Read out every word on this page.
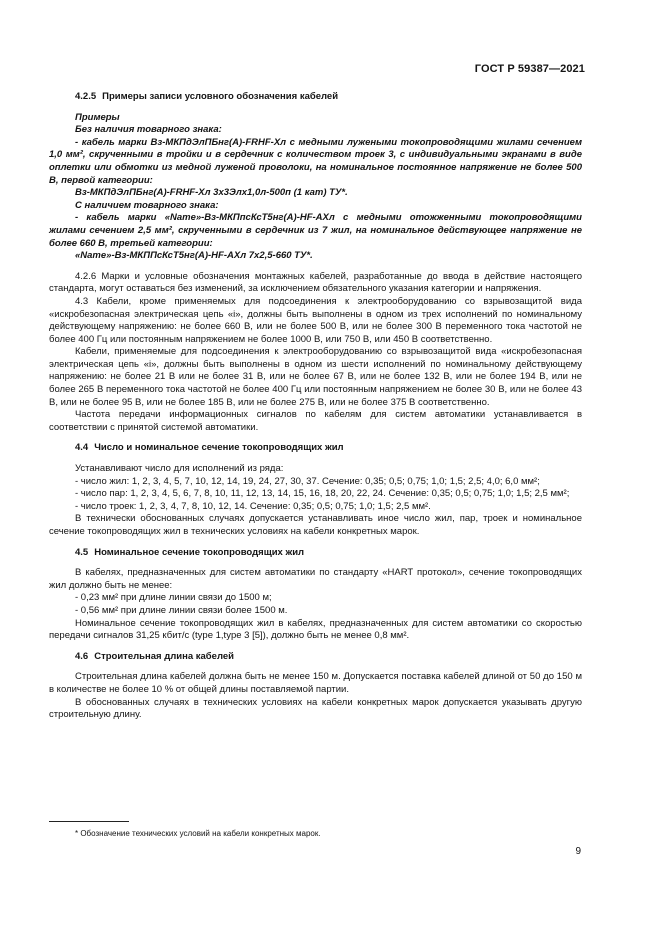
ГОСТ Р 59387—2021

4.2.5 Примеры записи условного обозначения кабелей

Примеры

Без наличия товарного знака:

- кабель марки Вз-МКПдЭлПБнг(А)-FRHF-Хл с медными лужеными токопроводящими жилами сечением 1,0 мм², скрученными в тройки и в сердечник с количеством троек 3, с индивидуальными экранами в виде оплетки или обмотки из медной луженой проволоки, на номинальное постоянное напряжение не более 500 В, первой категории:

Вз-МКПдЭлПБнг(А)-FRHF-Хл 3х3Элх1,0л-500п (1 кат) ТУ*.

С наличием товарного знака:

- кабель марки «Name»-Вз-МКПпсКсТ5нг(А)-HF-АХл с медными отожженными токопроводящими жилами сечением 2,5 мм², скрученными в сердечник из 7 жил, на номинальное действующее напряжение не более 660 В, третьей категории:

«Name»-Вз-МКППсКсТ5нг(А)-HF-АХл 7х2,5-660 ТУ*.

4.2.6 Марки и условные обозначения монтажных кабелей, разработанные до ввода в действие настоящего стандарта, могут оставаться без изменений, за исключением обязательного указания категории и напряжения.

4.3 Кабели, кроме применяемых для подсоединения к электрооборудованию со взрывозащитой вида «искробезопасная электрическая цепь «i», должны быть выполнены в одном из трех исполнений по номинальному действующему напряжению: не более 660 В, или не более 500 В, или не более 300 В переменного тока частотой не более 400 Гц или постоянным напряжением не более 1000 В, или 750 В, или 450 В соответственно.

Кабели, применяемые для подсоединения к электрооборудованию со взрывозащитой вида «искробезопасная электрическая цепь «i», должны быть выполнены в одном из шести исполнений по номинальному действующему напряжению: не более 21 В или не более 31 В, или не более 67 В, или не более 132 В, или не более 194 В, или не более 265 В переменного тока частотой не более 400 Гц или постоянным напряжением не более 30 В, или не более 43 В, или не более 95 В, или не более 185 В, или не более 275 В, или не более 375 В соответственно.

Частота передачи информационных сигналов по кабелям для систем автоматики устанавливается в соответствии с принятой системой автоматики.

4.4 Число и номинальное сечение токопроводящих жил

Устанавливают число для исполнений из ряда:

- число жил: 1, 2, 3, 4, 5, 7, 10, 12, 14, 19, 24, 27, 30, 37. Сечение: 0,35; 0,5; 0,75; 1,0; 1,5; 2,5; 4,0; 6,0 мм²;

- число пар: 1, 2, 3, 4, 5, 6, 7, 8, 10, 11, 12, 13, 14, 15, 16, 18, 20, 22, 24. Сечение: 0,35; 0,5; 0,75; 1,0; 1,5; 2,5 мм²;

- число троек: 1, 2, 3, 4, 7, 8, 10, 12, 14. Сечение: 0,35; 0,5; 0,75; 1,0; 1,5; 2,5 мм².

В технически обоснованных случаях допускается устанавливать иное число жил, пар, троек и номинальное сечение токопроводящих жил в технических условиях на кабели конкретных марок.

4.5 Номинальное сечение токопроводящих жил

В кабелях, предназначенных для систем автоматики по стандарту «HART протокол», сечение токопроводящих жил должно быть не менее:

- 0,23 мм² при длине линии связи до 1500 м;

- 0,56 мм² при длине линии связи более 1500 м.

Номинальное сечение токопроводящих жил в кабелях, предназначенных для систем автоматики со скоростью передачи сигналов 31,25 кбит/с (type 1,type 3 [5]), должно быть не менее 0,8 мм².

4.6 Строительная длина кабелей

Строительная длина кабелей должна быть не менее 150 м. Допускается поставка кабелей длиной от 50 до 150 м в количестве не более 10 % от общей длины поставляемой партии.

В обоснованных случаях в технических условиях на кабели конкретных марок допускается указывать другую строительную длину.

* Обозначение технических условий на кабели конкретных марок.
9
